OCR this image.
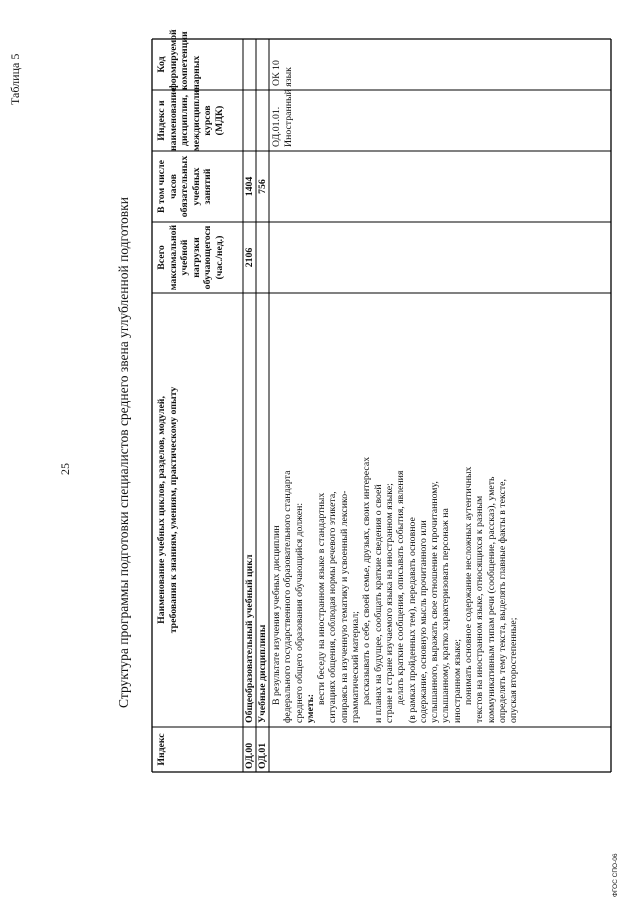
25
Таблица 5
Структура программы подготовки специалистов среднего звена углубленной подготовки
Индекс
Наименование учебных циклов, разделов, модулей,
требования к знаниям, умениям, практическому опыту
Всего
максимальной
учебной
нагрузки
обучающегося
(час./нед.)
В том числе
часов
обязательных
учебных
занятий
Индекс и
наименование
дисциплин,
междисциплинарных
курсов (МДК)
Код
формируемой
компетенции
ОД.00
Общеобразовательный учебный цикл
2106
1404
ОД.01
Учебные дисциплины
756
ОД.01.01. Иностранный язык
ОК 10
В результате изучения учебных дисциплин федерального государственного образовательного стандарта среднего общего образования обучающийся должен: уметь:
вести беседу на иностранном языке в стандартных ситуациях общения, соблюдая нормы речевого этикета, опираясь на изученную тематику и усвоенный лексико- грамматический материал; рассказывать о себе, своей семье, друзьях, своих интересах и планах на будущее, сообщать краткие сведения о своей стране и стране изучаемого языка на иностранном языке; делать краткие сообщения, описывать события, явления (в рамках пройденных тем), передавать основное содержание, основную мысль прочитанного или услышанного, выражать свое отношение к прочитанному, услышанному, кратко характеризовать персонаж на иностранном языке; понимать основное содержание несложных аутентичных текстов на иностранном языке, относящихся к разным коммуникативным типам речи (сообщение, рассказ), уметь определять тему текста, выделять главные факты в тексте, опуская второстепенные;
ФГОС СПО-06
